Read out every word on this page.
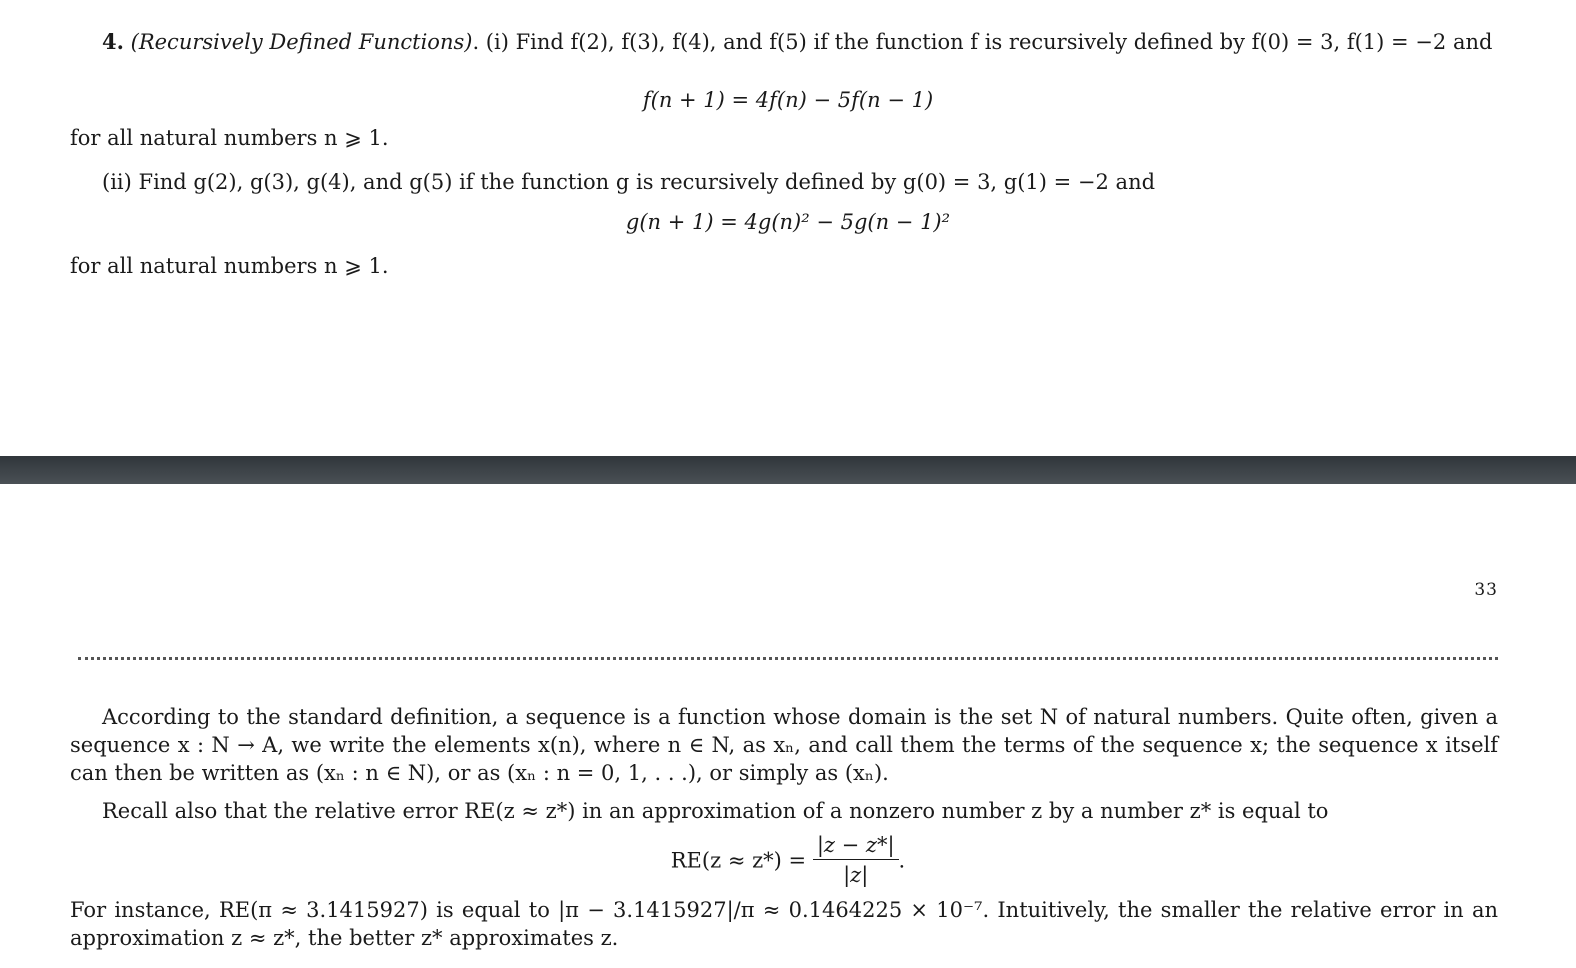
4. (Recursively Defined Functions). (i) Find f(2), f(3), f(4), and f(5) if the function f is recursively defined by f(0) = 3, f(1) = −2 and
f(n + 1) = 4f(n) − 5f(n − 1)
for all natural numbers n ⩾ 1.
(ii) Find g(2), g(3), g(4), and g(5) if the function g is recursively defined by g(0) = 3, g(1) = −2 and
g(n + 1) = 4g(n)² − 5g(n − 1)²
for all natural numbers n ⩾ 1.
33
According to the standard definition, a sequence is a function whose domain is the set N of natural numbers. Quite often, given a sequence x : N → A, we write the elements x(n), where n ∈ N, as xₙ, and call them the terms of the sequence x; the sequence x itself can then be written as (xₙ : n ∈ N), or as (xₙ : n = 0, 1, . . .), or simply as (xₙ).
Recall also that the relative error RE(z ≈ z*) in an approximation of a nonzero number z by a number z* is equal to
$RE(z \approx z*) = \frac{|z - z*|}{|z|}$ .
For instance, RE(π ≈ 3.1415927) is equal to |π − 3.1415927|/π ≈ 0.1464225 × 10⁻⁷. Intuitively, the smaller the relative error in an approximation z ≈ z*, the better z* approximates z.
